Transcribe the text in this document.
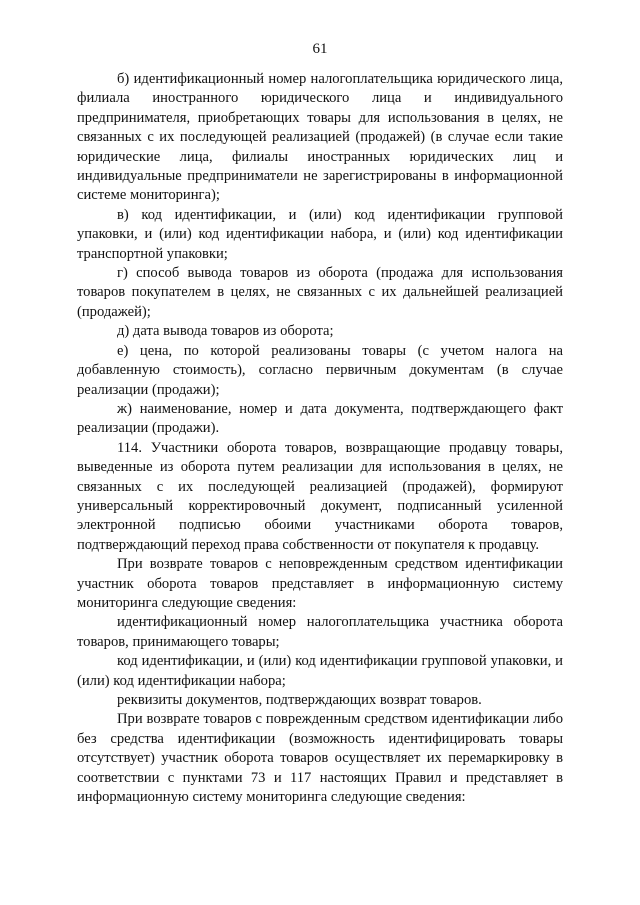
61

б) идентификационный номер налогоплательщика юридического лица, филиала иностранного юридического лица и индивидуального предпринимателя, приобретающих товары для использования в целях, не связанных с их последующей реализацией (продажей) (в случае если такие юридические лица, филиалы иностранных юридических лиц и индивидуальные предприниматели не зарегистрированы в информационной системе мониторинга);

в) код идентификации, и (или) код идентификации групповой упаковки, и (или) код идентификации набора, и (или) код идентификации транспортной упаковки;

г) способ вывода товаров из оборота (продажа для использования товаров покупателем в целях, не связанных с их дальнейшей реализацией (продажей);

д) дата вывода товаров из оборота;

е) цена, по которой реализованы товары (с учетом налога на добавленную стоимость), согласно первичным документам (в случае реализации (продажи);

ж) наименование, номер и дата документа, подтверждающего факт реализации (продажи).

114. Участники оборота товаров, возвращающие продавцу товары, выведенные из оборота путем реализации для использования в целях, не связанных с их последующей реализацией (продажей), формируют универсальный корректировочный документ, подписанный усиленной электронной подписью обоими участниками оборота товаров, подтверждающий переход права собственности от покупателя к продавцу.

При возврате товаров с неповрежденным средством идентификации участник оборота товаров представляет в информационную систему мониторинга следующие сведения:

идентификационный номер налогоплательщика участника оборота товаров, принимающего товары;

код идентификации, и (или) код идентификации групповой упаковки, и (или) код идентификации набора;

реквизиты документов, подтверждающих возврат товаров.

При возврате товаров с поврежденным средством идентификации либо без средства идентификации (возможность идентифицировать товары отсутствует) участник оборота товаров осуществляет их перемаркировку в соответствии с пунктами 73 и 117 настоящих Правил и представляет в информационную систему мониторинга следующие сведения:
